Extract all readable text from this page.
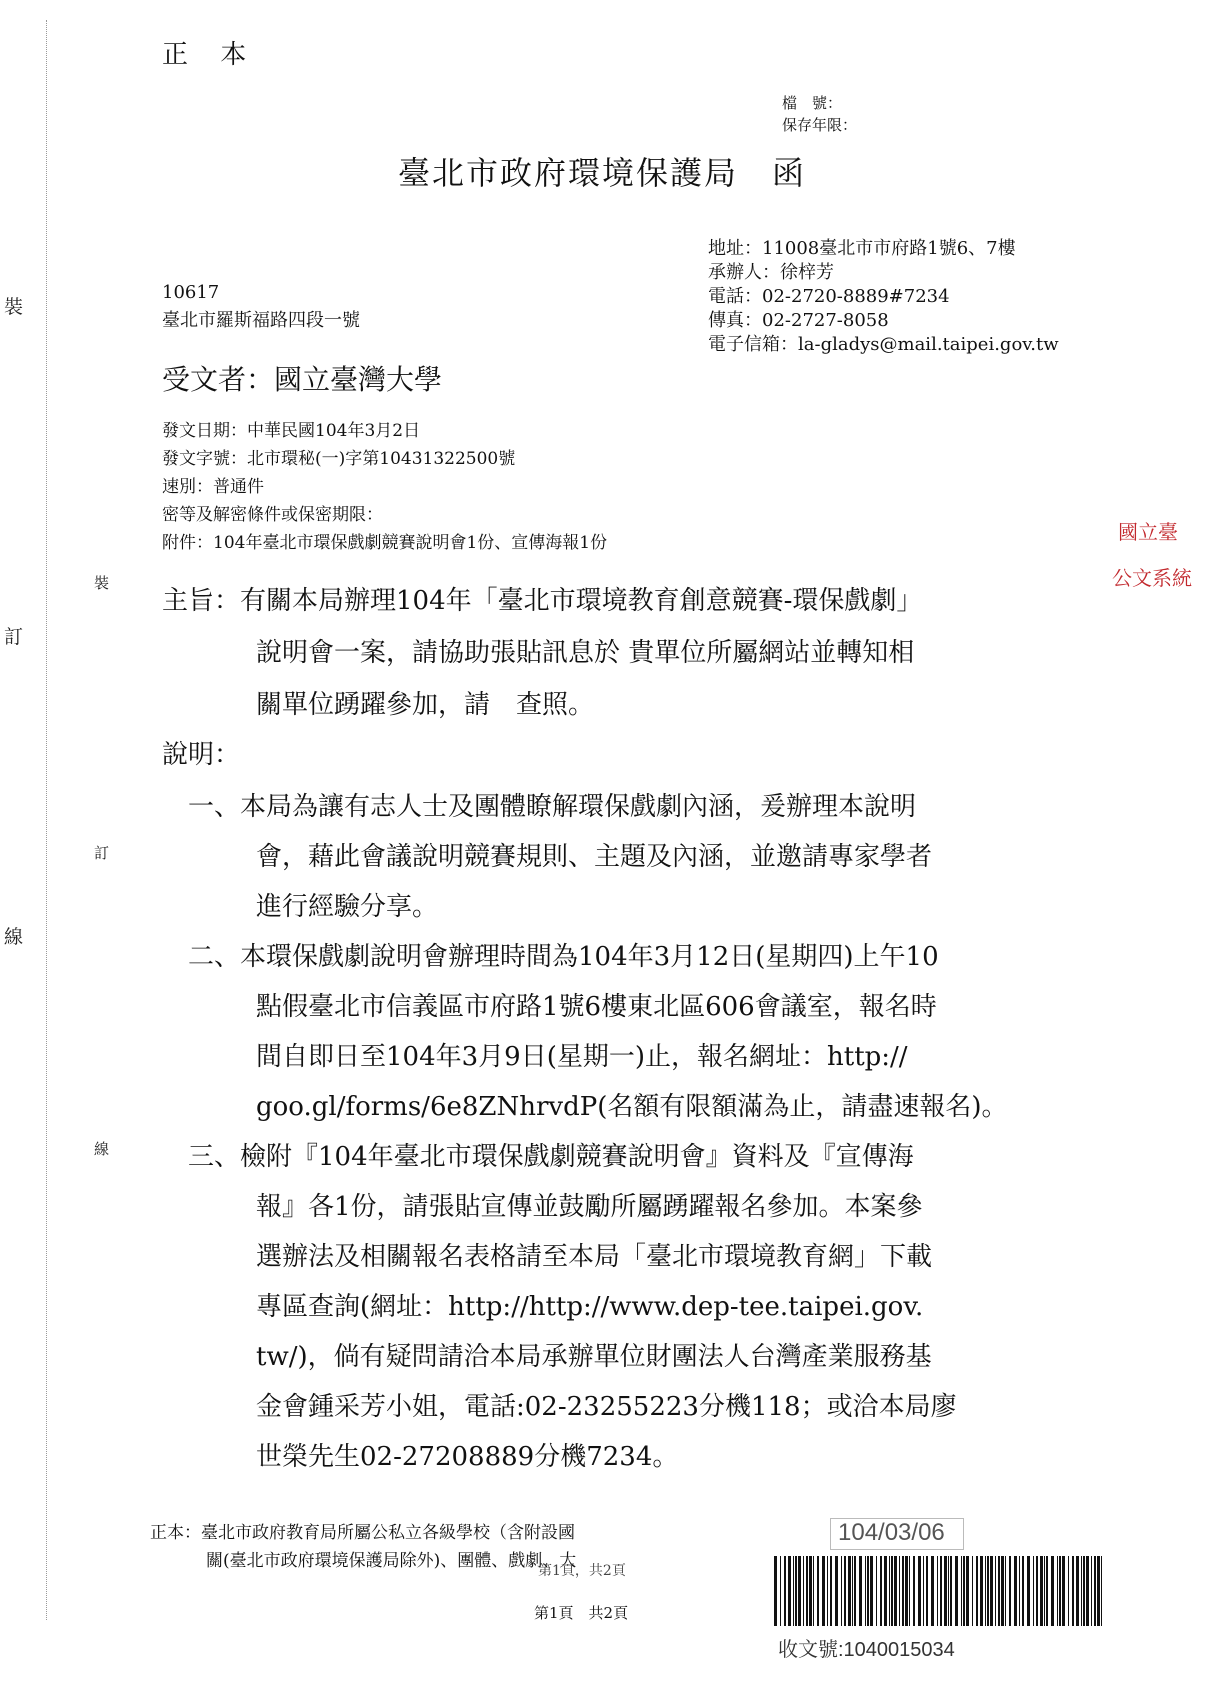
裝
訂
線
裝
訂
線
正 本
檔　號：
保存年限：
臺北市政府環境保護局　函
地址：11008臺北市市府路1號6、7樓
承辦人：徐梓芳
電話：02-2720-8889#7234
傳真：02-2727-8058
電子信箱：la-gladys@mail.taipei.gov.tw
10617
臺北市羅斯福路四段一號
受文者：國立臺灣大學
發文日期：中華民國104年3月2日
發文字號：北市環秘(一)字第10431322500號
速別：普通件
密等及解密條件或保密期限：
附件：104年臺北市環保戲劇競賽說明會1份、宣傳海報1份	國立臺
公文系統
主旨：有關本局辦理104年「臺北市環境教育創意競賽-環保戲劇」
說明會一案，請協助張貼訊息於 貴單位所屬網站並轉知相
關單位踴躍參加，請　查照。
說明：
一、本局為讓有志人士及團體瞭解環保戲劇內涵，爰辦理本說明
會，藉此會議說明競賽規則、主題及內涵，並邀請專家學者
進行經驗分享。
二、本環保戲劇說明會辦理時間為104年3月12日(星期四)上午10
點假臺北市信義區市府路1號6樓東北區606會議室，報名時
間自即日至104年3月9日(星期一)止，報名網址：http://
goo.gl/forms/6e8ZNhrvdP(名額有限額滿為止，請盡速報名)。
三、檢附『104年臺北市環保戲劇競賽說明會』資料及『宣傳海
報』各1份，請張貼宣傳並鼓勵所屬踴躍報名參加。本案參
選辦法及相關報名表格請至本局「臺北市環境教育網」下載
專區查詢(網址：http://http://www.dep-tee.taipei.gov.
tw/)，倘有疑問請洽本局承辦單位財團法人台灣產業服務基
金會鍾采芳小姐，電話:02-23255223分機118；或洽本局廖
世榮先生02-27208889分機7234。
正本：臺北市政府教育局所屬公私立各級學校（含附設國
關(臺北市政府環境保護局除外)、團體、戲劇、大
第1頁，共2頁
第1頁　共2頁
104/03/06
收文號:1040015034
